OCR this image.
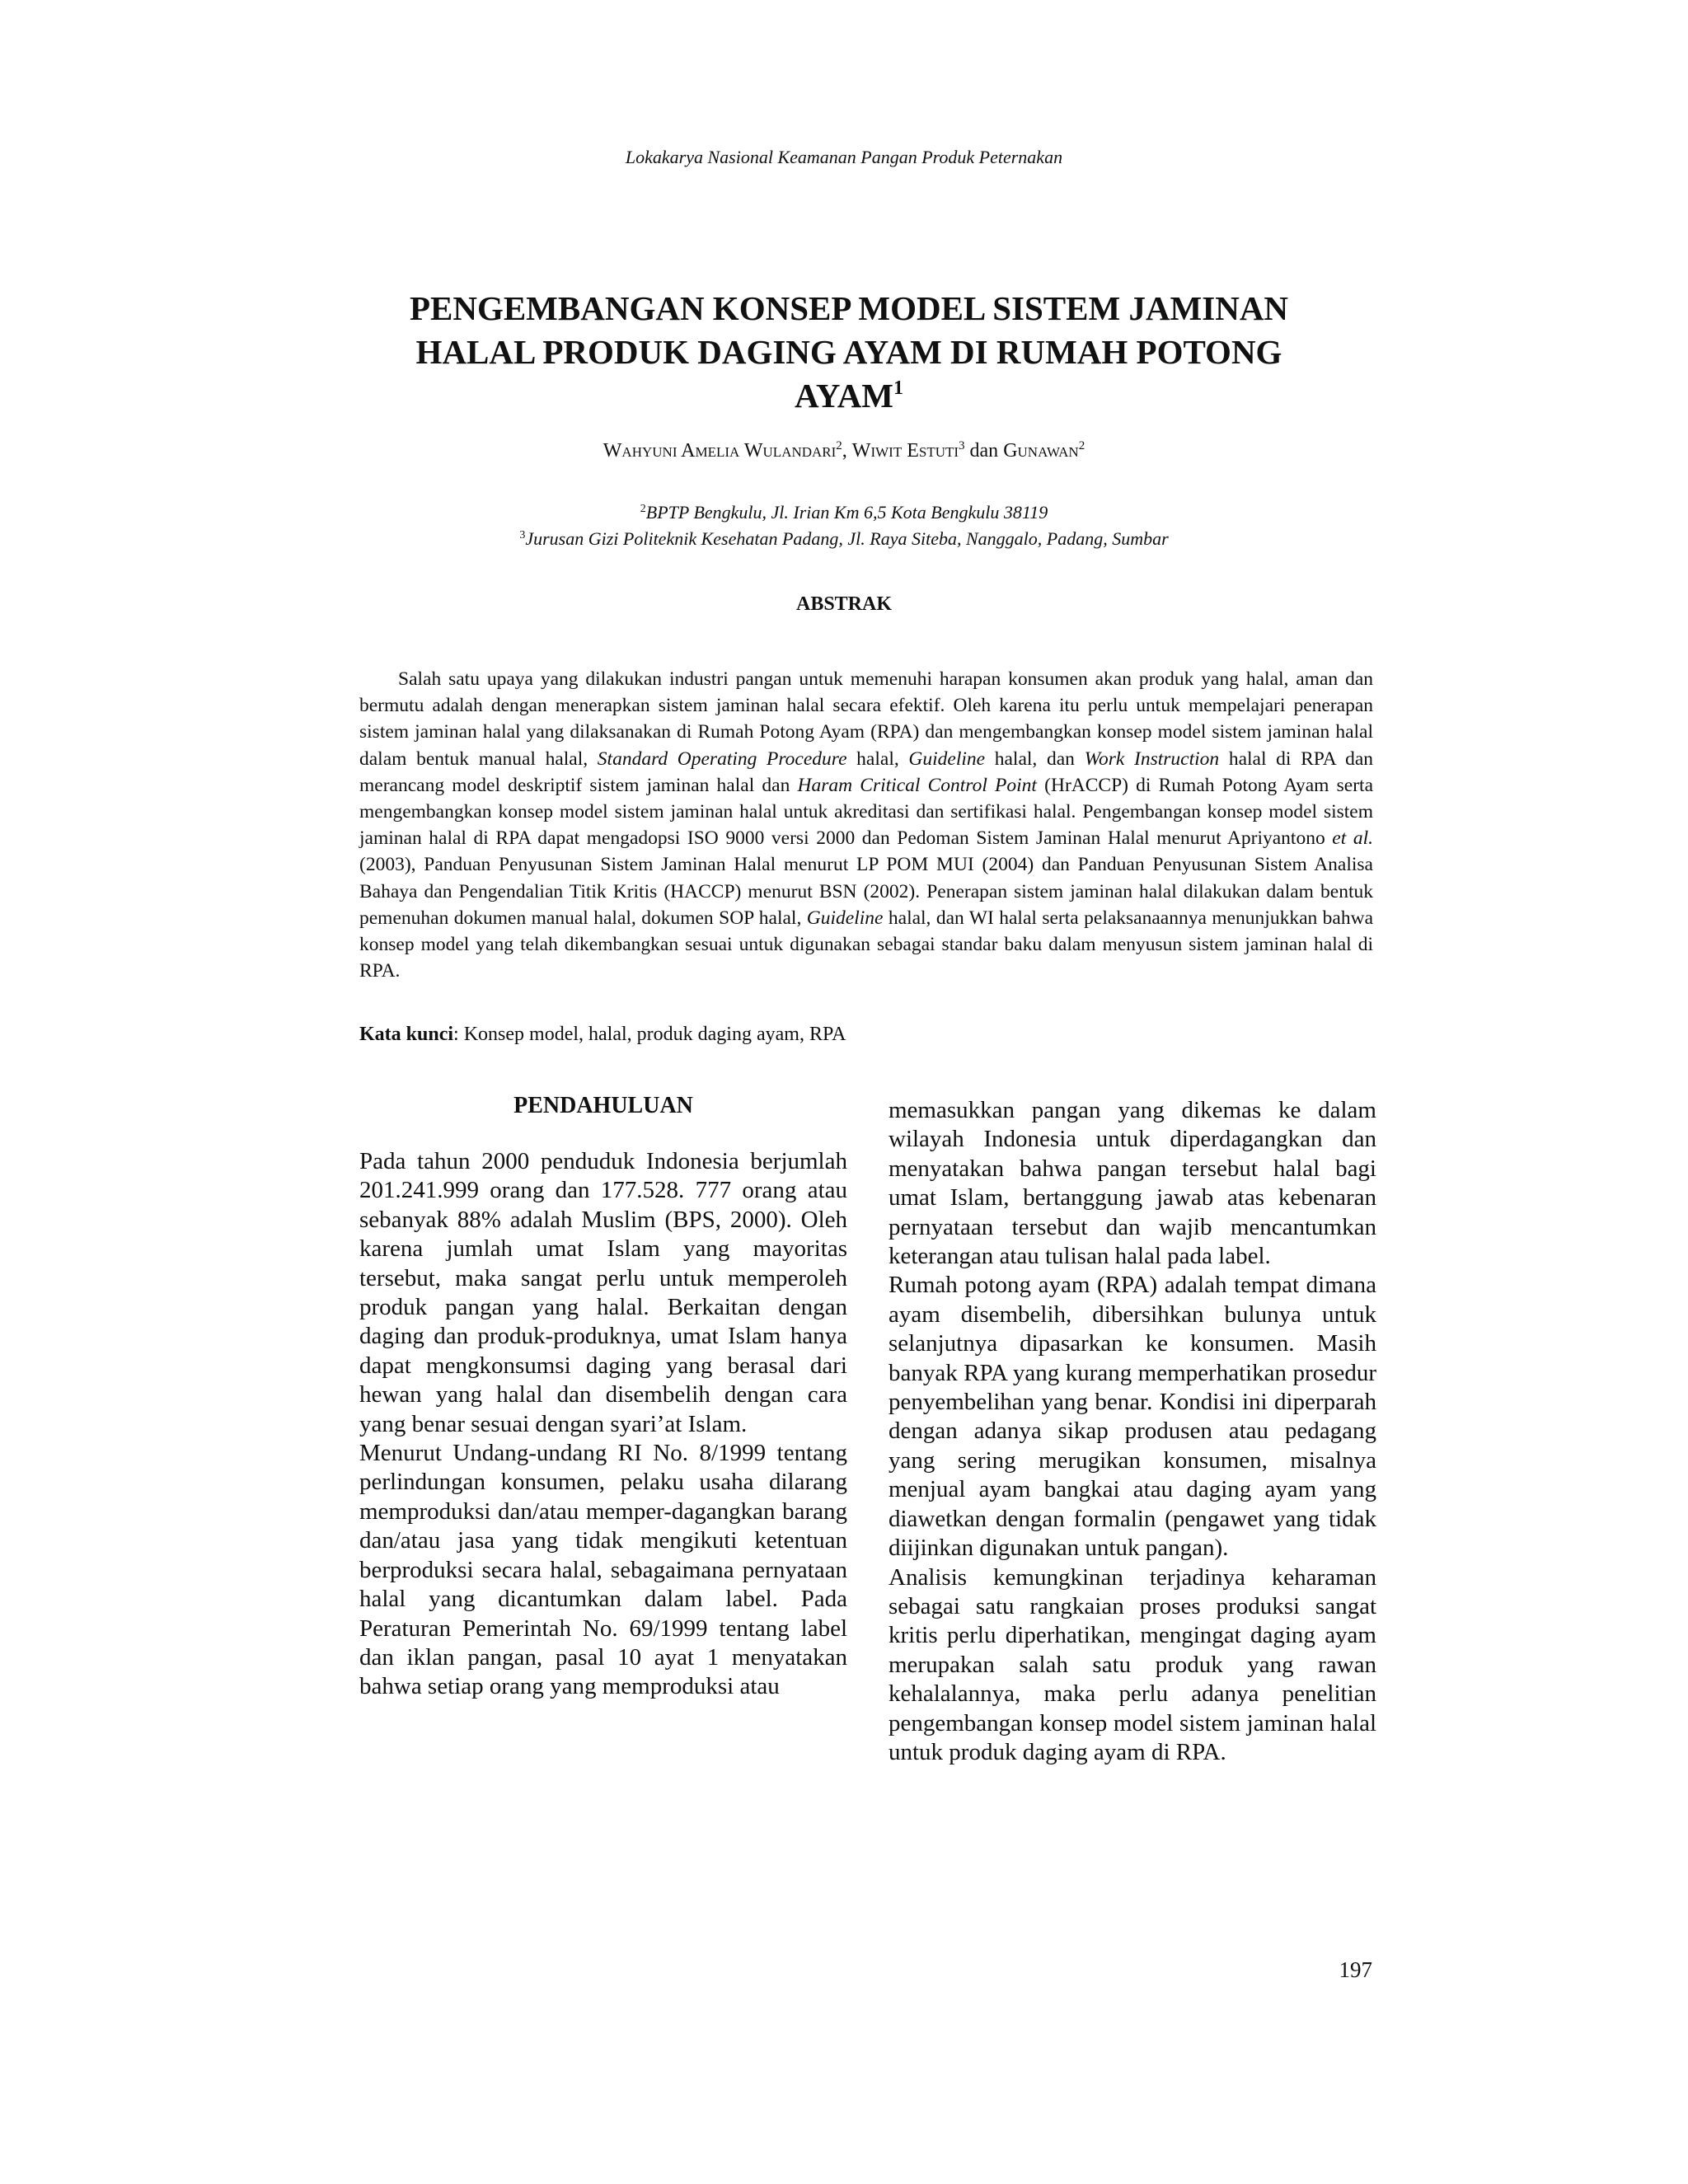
Lokakarya Nasional Keamanan Pangan Produk Peternakan
PENGEMBANGAN KONSEP MODEL SISTEM JAMINAN
HALAL PRODUK DAGING AYAM DI RUMAH POTONG
AYAM$^1$
Wahyuni Amelia Wulandari$^2$, Wiwit Estuti$^3$ dan Gunawan$^2$
$^2$BPTP Bengkulu, Jl. Irian Km 6,5 Kota Bengkulu 38119
$^3$Jurusan Gizi Politeknik Kesehatan Padang, Jl. Raya Siteba, Nanggalo, Padang, Sumbar
ABSTRAK

Salah satu upaya yang dilakukan industri pangan untuk memenuhi harapan konsumen akan produk yang halal, aman dan bermutu adalah dengan menerapkan sistem jaminan halal secara efektif. Oleh karena itu perlu untuk mempelajari penerapan sistem jaminan halal yang dilaksanakan di Rumah Potong Ayam (RPA) dan mengembangkan konsep model sistem jaminan halal dalam bentuk manual halal, Standard Operating Procedure halal, Guideline halal, dan Work Instruction halal di RPA dan merancang model deskriptif sistem jaminan halal dan Haram Critical Control Point (HrACCP) di Rumah Potong Ayam serta mengembangkan konsep model sistem jaminan halal untuk akreditasi dan sertifikasi halal. Pengembangan konsep model sistem jaminan halal di RPA dapat mengadopsi ISO 9000 versi 2000 dan Pedoman Sistem Jaminan Halal menurut Apriyantono et al. (2003), Panduan Penyusunan Sistem Jaminan Halal menurut LP POM MUI (2004) dan Panduan Penyusunan Sistem Analisa Bahaya dan Pengendalian Titik Kritis (HACCP) menurut BSN (2002). Penerapan sistem jaminan halal dilakukan dalam bentuk pemenuhan dokumen manual halal, dokumen SOP halal, Guideline halal, dan WI halal serta pelaksanaannya menunjukkan bahwa konsep model yang telah dikembangkan sesuai untuk digunakan sebagai standar baku dalam menyusun sistem jaminan halal di RPA.

Kata kunci: Konsep model, halal, produk daging ayam, RPA

PENDAHULUAN

Pada tahun 2000 penduduk Indonesia berjumlah 201.241.999 orang dan 177.528. 777 orang atau sebanyak 88% adalah Muslim (BPS, 2000). Oleh karena jumlah umat Islam yang mayoritas tersebut, maka sangat perlu untuk memperoleh produk pangan yang halal. Berkaitan dengan daging dan produk-produknya, umat Islam hanya dapat mengkonsumsi daging yang berasal dari hewan yang halal dan disembelih dengan cara yang benar sesuai dengan syari’at Islam.

Menurut Undang-undang RI No. 8/1999 tentang perlindungan konsumen, pelaku usaha dilarang memproduksi dan/atau memper-dagangkan barang dan/atau jasa yang tidak mengikuti ketentuan berproduksi secara halal, sebagaimana pernyataan halal yang dicantumkan dalam label. Pada Peraturan Pemerintah No. 69/1999 tentang label dan iklan pangan, pasal 10 ayat 1 menyatakan bahwa setiap orang yang memproduksi atau

memasukkan pangan yang dikemas ke dalam wilayah Indonesia untuk diperdagangkan dan menyatakan bahwa pangan tersebut halal bagi umat Islam, bertanggung jawab atas kebenaran pernyataan tersebut dan wajib mencantumkan keterangan atau tulisan halal pada label.

Rumah potong ayam (RPA) adalah tempat dimana ayam disembelih, dibersihkan bulunya untuk selanjutnya dipasarkan ke konsumen. Masih banyak RPA yang kurang memperhatikan prosedur penyembelihan yang benar. Kondisi ini diperparah dengan adanya sikap produsen atau pedagang yang sering merugikan konsumen, misalnya menjual ayam bangkai atau daging ayam yang diawetkan dengan formalin (pengawet yang tidak diijinkan digunakan untuk pangan).

Analisis kemungkinan terjadinya keharaman sebagai satu rangkaian proses produksi sangat kritis perlu diperhatikan, mengingat daging ayam merupakan salah satu produk yang rawan kehalalannya, maka perlu adanya penelitian pengembangan konsep model sistem jaminan halal untuk produk daging ayam di RPA.

197
